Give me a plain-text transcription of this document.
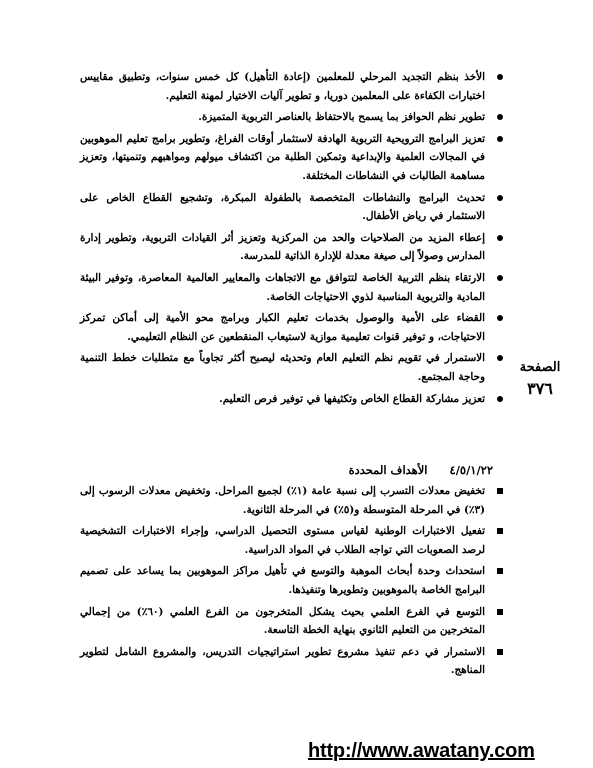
الأخذ بنظم التجديد المرحلي للمعلمين (إعادة التأهيل) كل خمس سنوات، وتطبيق مقاييس اختبارات الكفاءة على المعلمين دوريا، و تطوير آليات الاختيار لمهنة التعليم.
تطوير نظم الحوافز بما يسمح بالاحتفاظ بالعناصر التربوية المتميزة.
تعزيز البرامج الترويحية التربوية الهادفة لاستثمار أوقات الفراغ، وتطوير برامج تعليم الموهوبين في المجالات العلمية والإبداعية وتمكين الطلبة من اكتشاف ميولهم ومواهبهم وتنميتها، وتعزيز مساهمة الطالبات في النشاطات المختلفة.
تحديث البرامج والنشاطات المتخصصة بالطفولة المبكرة، وتشجيع القطاع الخاص على الاستثمار في رياض الأطفال.
إعطاء المزيد من الصلاحيات والحد من المركزية وتعزيز أثر القيادات التربوية، وتطوير إدارة المدارس وصولاً إلى صيغة معدلة للإدارة الذاتية للمدرسة.
الارتقاء بنظم التربية الخاصة لتتوافق مع الاتجاهات والمعايير العالمية المعاصرة، وتوفير البيئة المادية والتربوية المناسبة لذوي الاحتياجات الخاصة.
القضاء على الأمية والوصول بخدمات تعليم الكبار وبرامج محو الأمية إلى أماكن تمركز الاحتياجات، و توفير قنوات تعليمية موازية لاستيعاب المنقطعين عن النظام التعليمي.
الاستمرار في تقويم نظم التعليم العام وتحديثه ليصبح أكثر تجاوباً مع متطلبات خطط التنمية وحاجة المجتمع.
تعزيز مشاركة القطاع الخاص وتكثيفها في توفير فرص التعليم.
٤/٥/١/٢٢ الأهداف المحددة
تخفيض معدلات التسرب إلى نسبة عامة (١٪) لجميع المراحل. وتخفيض معدلات الرسوب إلى (٣٪) في المرحلة المتوسطة و(٥٪) في المرحلة الثانوية.
تفعيل الاختبارات الوطنية لقياس مستوى التحصيل الدراسي، وإجراء الاختبارات التشخيصية لرصد الصعوبات التي تواجه الطلاب في المواد الدراسية.
استحداث وحدة أبحاث الموهبة والتوسع في تأهيل مراكز الموهوبين بما يساعد على تصميم البرامج الخاصة بالموهوبين وتطويرها وتنفيذها.
التوسع في الفرع العلمي بحيث يشكل المتخرجون من الفرع العلمي (٦٠٪) من إجمالي المتخرجين من التعليم الثانوي بنهاية الخطة التاسعة.
الاستمرار في دعم تنفيذ مشروع تطوير استراتيجيات التدريس، والمشروع الشامل لتطوير المناهج.
الصفحة
٣٧٦
http://www.awatany.com
